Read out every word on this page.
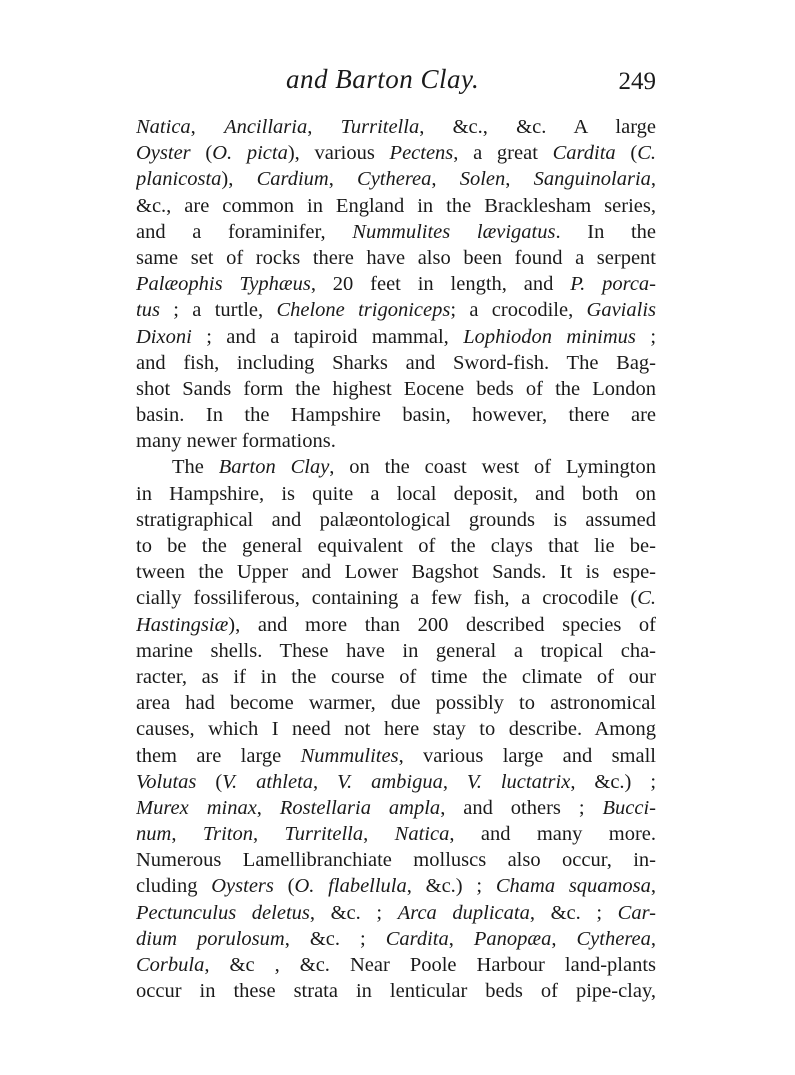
and Barton Clay.	249
Natica, Ancillaria, Turritella, &c., &c. A large
Oyster (O. picta), various Pectens, a great Cardita (C.
planicosta), Cardium, Cytherea, Solen, Sanguinolaria,
&c., are common in England in the Bracklesham series,
and a foraminifer, Nummulites lævigatus. In the
same set of rocks there have also been found a serpent
Palæophis Typhæus, 20 feet in length, and P. porca-
tus ; a turtle, Chelone trigoniceps; a crocodile, Gavialis
Dixoni ; and a tapiroid mammal, Lophiodon minimus ;
and fish, including Sharks and Sword-fish. The Bag-
shot Sands form the highest Eocene beds of the London
basin. In the Hampshire basin, however, there are
many newer formations.
The Barton Clay, on the coast west of Lymington
in Hampshire, is quite a local deposit, and both on
stratigraphical and palæontological grounds is assumed
to be the general equivalent of the clays that lie be-
tween the Upper and Lower Bagshot Sands. It is espe-
cially fossiliferous, containing a few fish, a crocodile (C.
Hastingsiæ), and more than 200 described species of
marine shells. These have in general a tropical cha-
racter, as if in the course of time the climate of our
area had become warmer, due possibly to astronomical
causes, which I need not here stay to describe. Among
them are large Nummulites, various large and small
Volutas (V. athleta, V. ambigua, V. luctatrix, &c.) ;
Murex minax, Rostellaria ampla, and others ; Bucci-
num, Triton, Turritella, Natica, and many more.
Numerous Lamellibranchiate molluscs also occur, in-
cluding Oysters (O. flabellula, &c.) ; Chama squamosa,
Pectunculus deletus, &c. ; Arca duplicata, &c. ; Car-
dium porulosum, &c. ; Cardita, Panopæa, Cytherea,
Corbula, &c , &c. Near Poole Harbour land-plants
occur in these strata in lenticular beds of pipe-clay,
